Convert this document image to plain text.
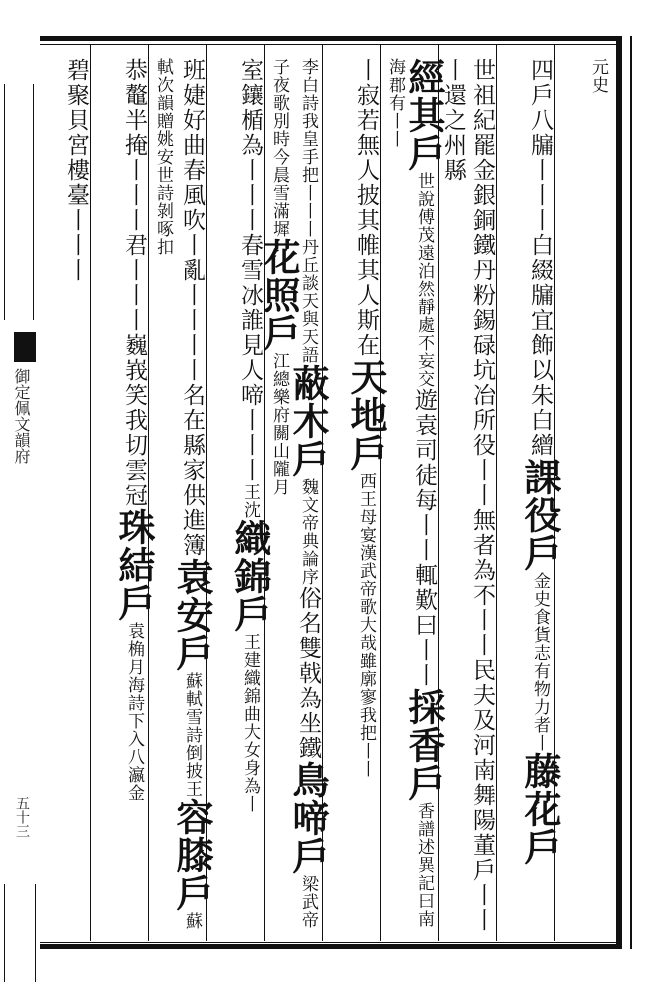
御定佩文韻府
五十三
元史
四戶八牖丨丨丨白綴牖宜飾以朱白繒課役戶金史食貨志有物力者丨藤花戶
世祖紀罷金銀銅鐵丹粉錫碌坑冶所役丨丨無者為不丨丨民夫及河南舞陽董戶丨丨丨還之州縣
經其戶世說傅茂遠泊然靜處不妄交遊袁司徒每丨丨輒歎曰丨丨採香戶香譜述異記曰南海郡有丨丨
丨寂若無人披其帷其人斯在天地戶西王母宴漢武帝歌大哉雖廓寥我把丨丨
李白詩我皇手把丨丨丨丹丘談天與天語蔽木戶魏文帝典論序俗名雙戟為坐鐵鳥啼戶梁武帝子夜歌別時今晨雪滿墀花照戶江總樂府關山隴月
室鑲楯為丨丨丨春雪冰誰見人啼丨丨丨王沈織錦戶王建織錦曲大女身為丨
班婕好曲春風吹丨亂丨丨丨丨名在縣家供進簿袁安戶蘇軾雪詩倒披王容膝戶蘇軾次韻贈姚安世詩剝啄扣
恭鼇半掩丨丨丨君丨丨丨巍峩笑我切雲冠珠結戶袁桷月海詩下入八瀛金
碧聚貝宮樓臺丨丨丨
